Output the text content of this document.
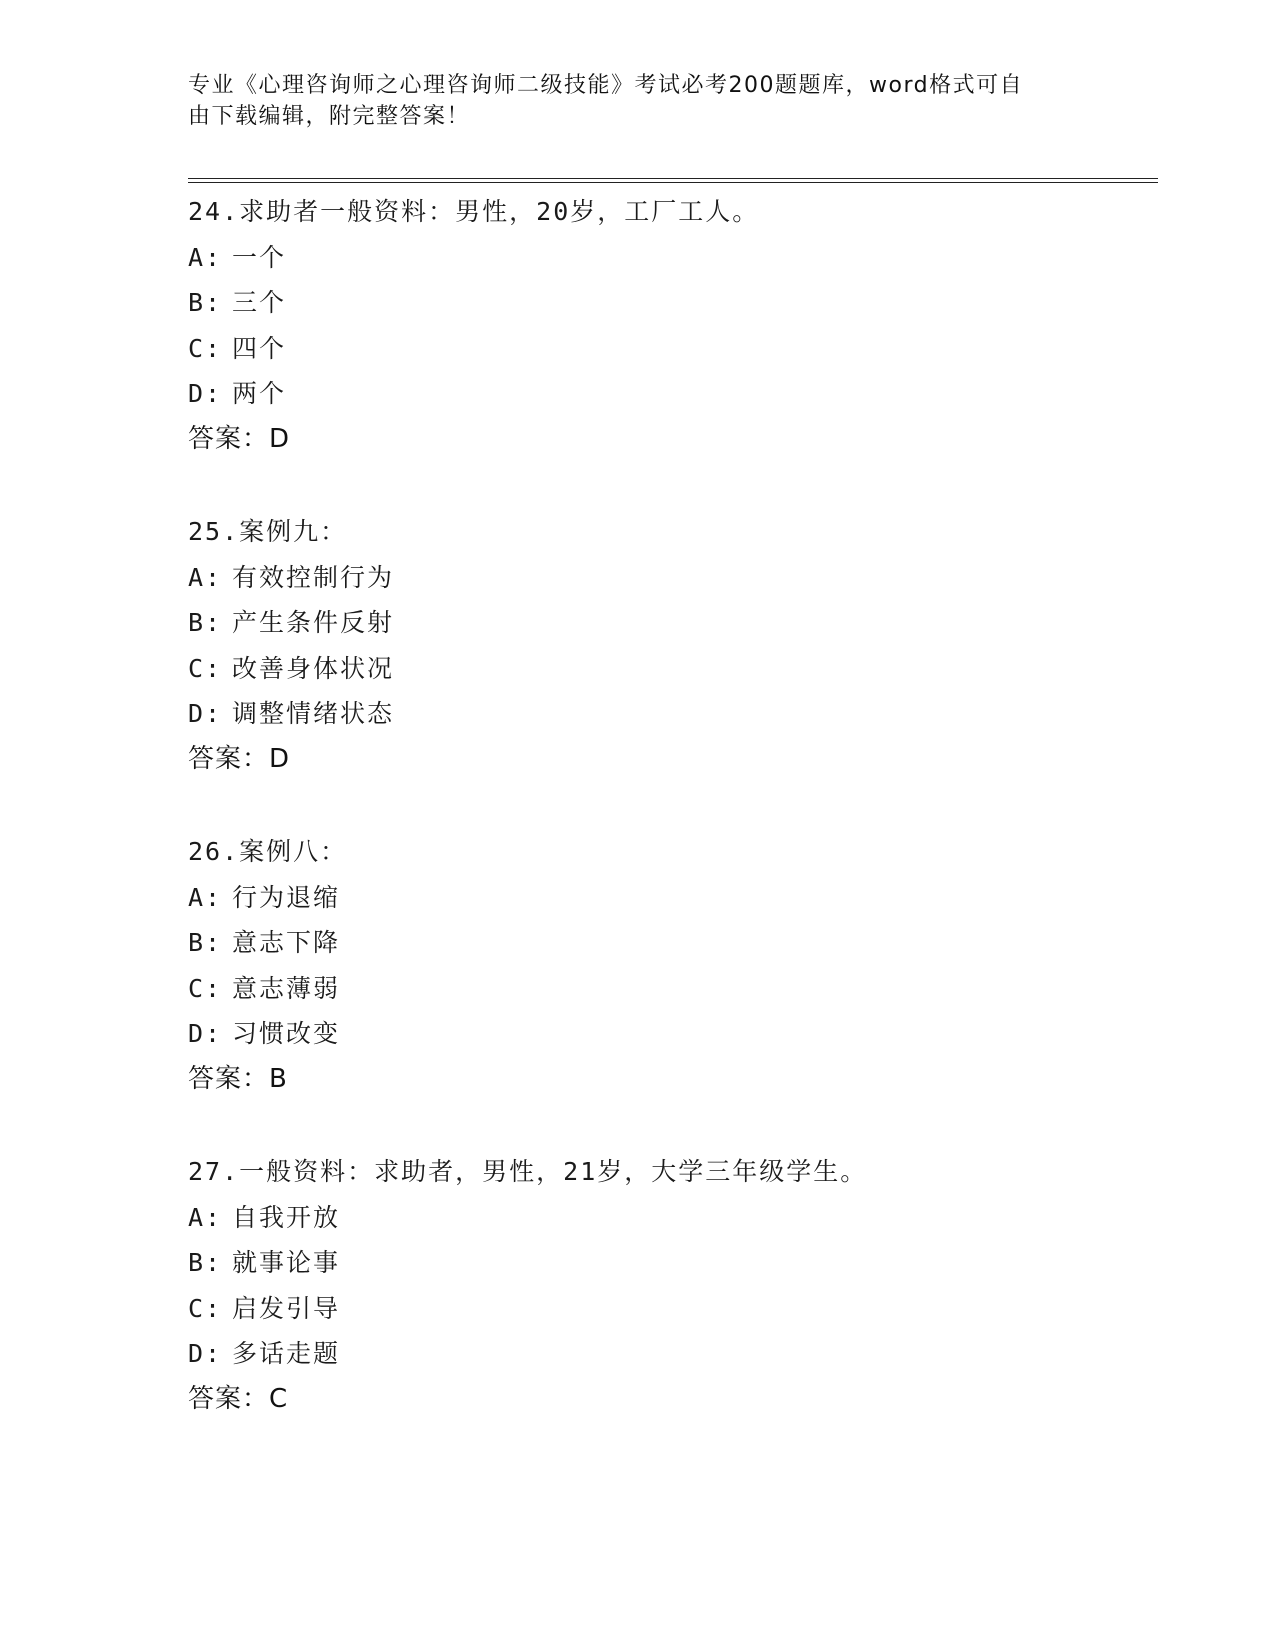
专业《心理咨询师之心理咨询师二级技能》考试必考200题题库，word格式可自
由下载编辑，附完整答案！
24.求助者一般资料：男性，20岁，工厂工人。
A: 一个
B: 三个
C: 四个
D: 两个
答案：D
25.案例九：
A: 有效控制行为
B: 产生条件反射
C: 改善身体状况
D: 调整情绪状态
答案：D
26.案例八：
A: 行为退缩
B: 意志下降
C: 意志薄弱
D: 习惯改变
答案：B
27.一般资料：求助者，男性，21岁，大学三年级学生。
A: 自我开放
B: 就事论事
C: 启发引导
D: 多话走题
答案：C
